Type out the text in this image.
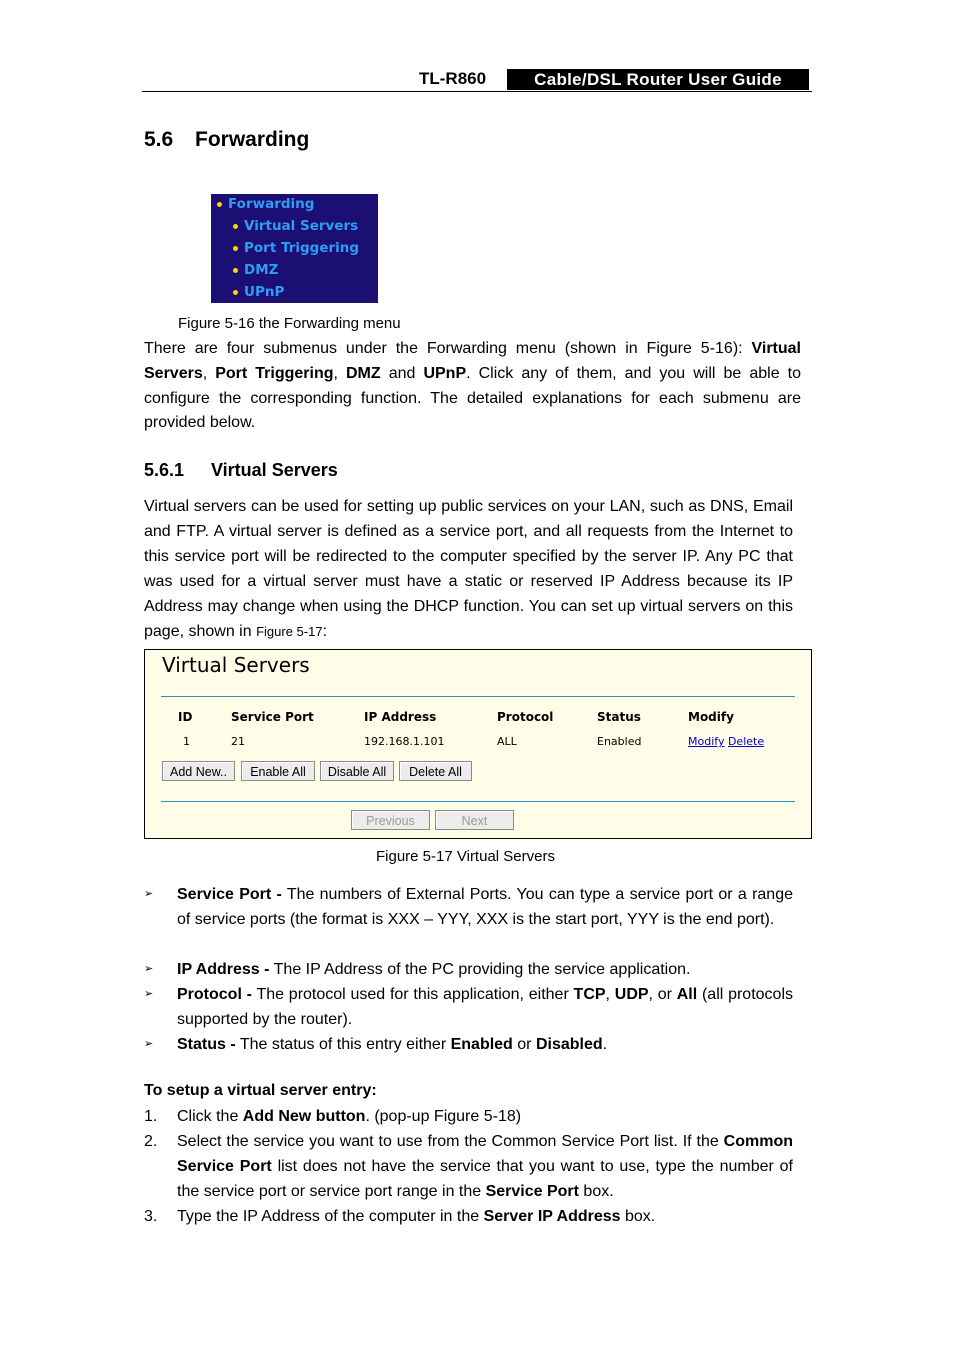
TL-R860	Cable/DSL Router User Guide
5.6 Forwarding
Forwarding
Virtual Servers
Port Triggering
DMZ
UPnP
Figure 5-16 the Forwarding menu
There are four submenus under the Forwarding menu (shown in Figure 5-16): Virtual Servers, Port Triggering, DMZ and UPnP. Click any of them, and you will be able to configure the corresponding function. The detailed explanations for each submenu are provided below.
5.6.1 Virtual Servers
Virtual servers can be used for setting up public services on your LAN, such as DNS, Email and FTP. A virtual server is defined as a service port, and all requests from the Internet to this service port will be redirected to the computer specified by the server IP. Any PC that was used for a virtual server must have a static or reserved IP Address because its IP Address may change when using the DHCP function. You can set up virtual servers on this page, shown in Figure 5-17:
Virtual Servers
ID	Service Port	IP Address	Protocol	Status	Modify
1	21	192.168.1.101	ALL	Enabled	Modify Delete
Add New..	Enable All	Disable All	Delete All
Previous	Next
Figure 5-17 Virtual Servers
➢ Service Port - The numbers of External Ports. You can type a service port or a range of service ports (the format is XXX – YYY, XXX is the start port, YYY is the end port).
➢ IP Address - The IP Address of the PC providing the service application.
➢ Protocol - The protocol used for this application, either TCP, UDP, or All (all protocols supported by the router).
➢ Status - The status of this entry either Enabled or Disabled.
To setup a virtual server entry:
1. Click the Add New button. (pop-up Figure 5-18)
2. Select the service you want to use from the Common Service Port list. If the Common Service Port list does not have the service that you want to use, type the number of the service port or service port range in the Service Port box.
3. Type the IP Address of the computer in the Server IP Address box.
